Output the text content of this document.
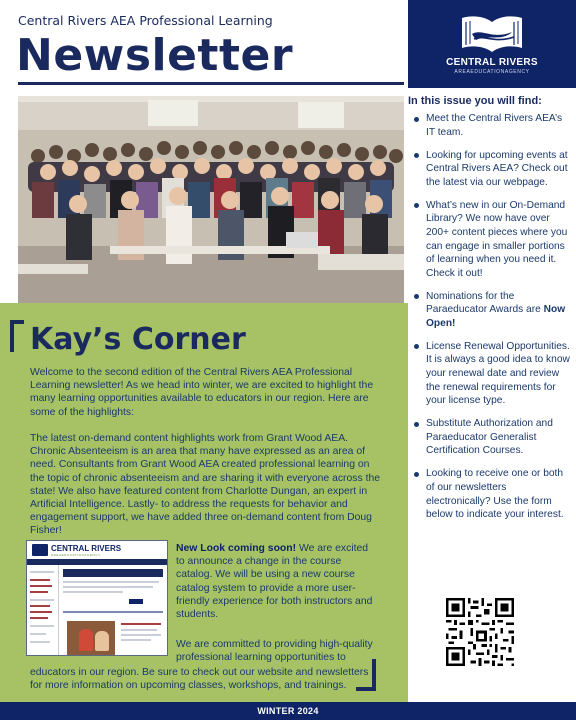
Central Rivers AEA Professional Learning
Newsletter	CENTRAL RIVERS
AREAEDUCATIONAGENCY
Kay’s Corner
Welcome to the second edition of the Central Rivers AEA Professional Learning newsletter! As we head into winter, we are excited to highlight the many learning opportunities available to educators in our region. Here are some of the highlights:
The latest on-demand content highlights work from Grant Wood AEA. Chronic Absenteeism is an area that many have expressed as an area of need. Consultants from Grant Wood AEA created professional learning on the topic of chronic absenteeism and are sharing it with everyone across the state! We also have featured content from Charlotte Dungan, an expert in Artificial Intelligence. Lastly- to address the requests for behavior and engagement support, we have added three on-demand content from Doug Fisher!
CENTRAL RIVERS
AREAEDUCATIONAGENCY
New Look coming soon! We are excited to announce a change in the course catalog. We will be using a new course catalog system to provide a more user-friendly experience for both instructors and students.
We are committed to providing high-quality professional learning opportunities to
educators in our region. Be sure to check out our website and newsletters for more information on upcoming classes, workshops, and trainings.
In this issue you will find:
Meet the Central Rivers AEA’s IT team.
Looking for upcoming events at Central Rivers AEA? Check out the latest via our webpage.
What’s new in our On-Demand Library? We now have over 200+ content pieces where you can engage in smaller portions of learning when you need it. Check it out!
Nominations for the Paraeducator Awards are Now Open!
License Renewal Opportunities. It is always a good idea to know your renewal date and review the renewal requirements for your license type.
Substitute Authorization and Paraeducator Generalist Certification Courses.
Looking to receive one or both of our newsletters electronically? Use the form below to indicate your interest.
WINTER 2024
